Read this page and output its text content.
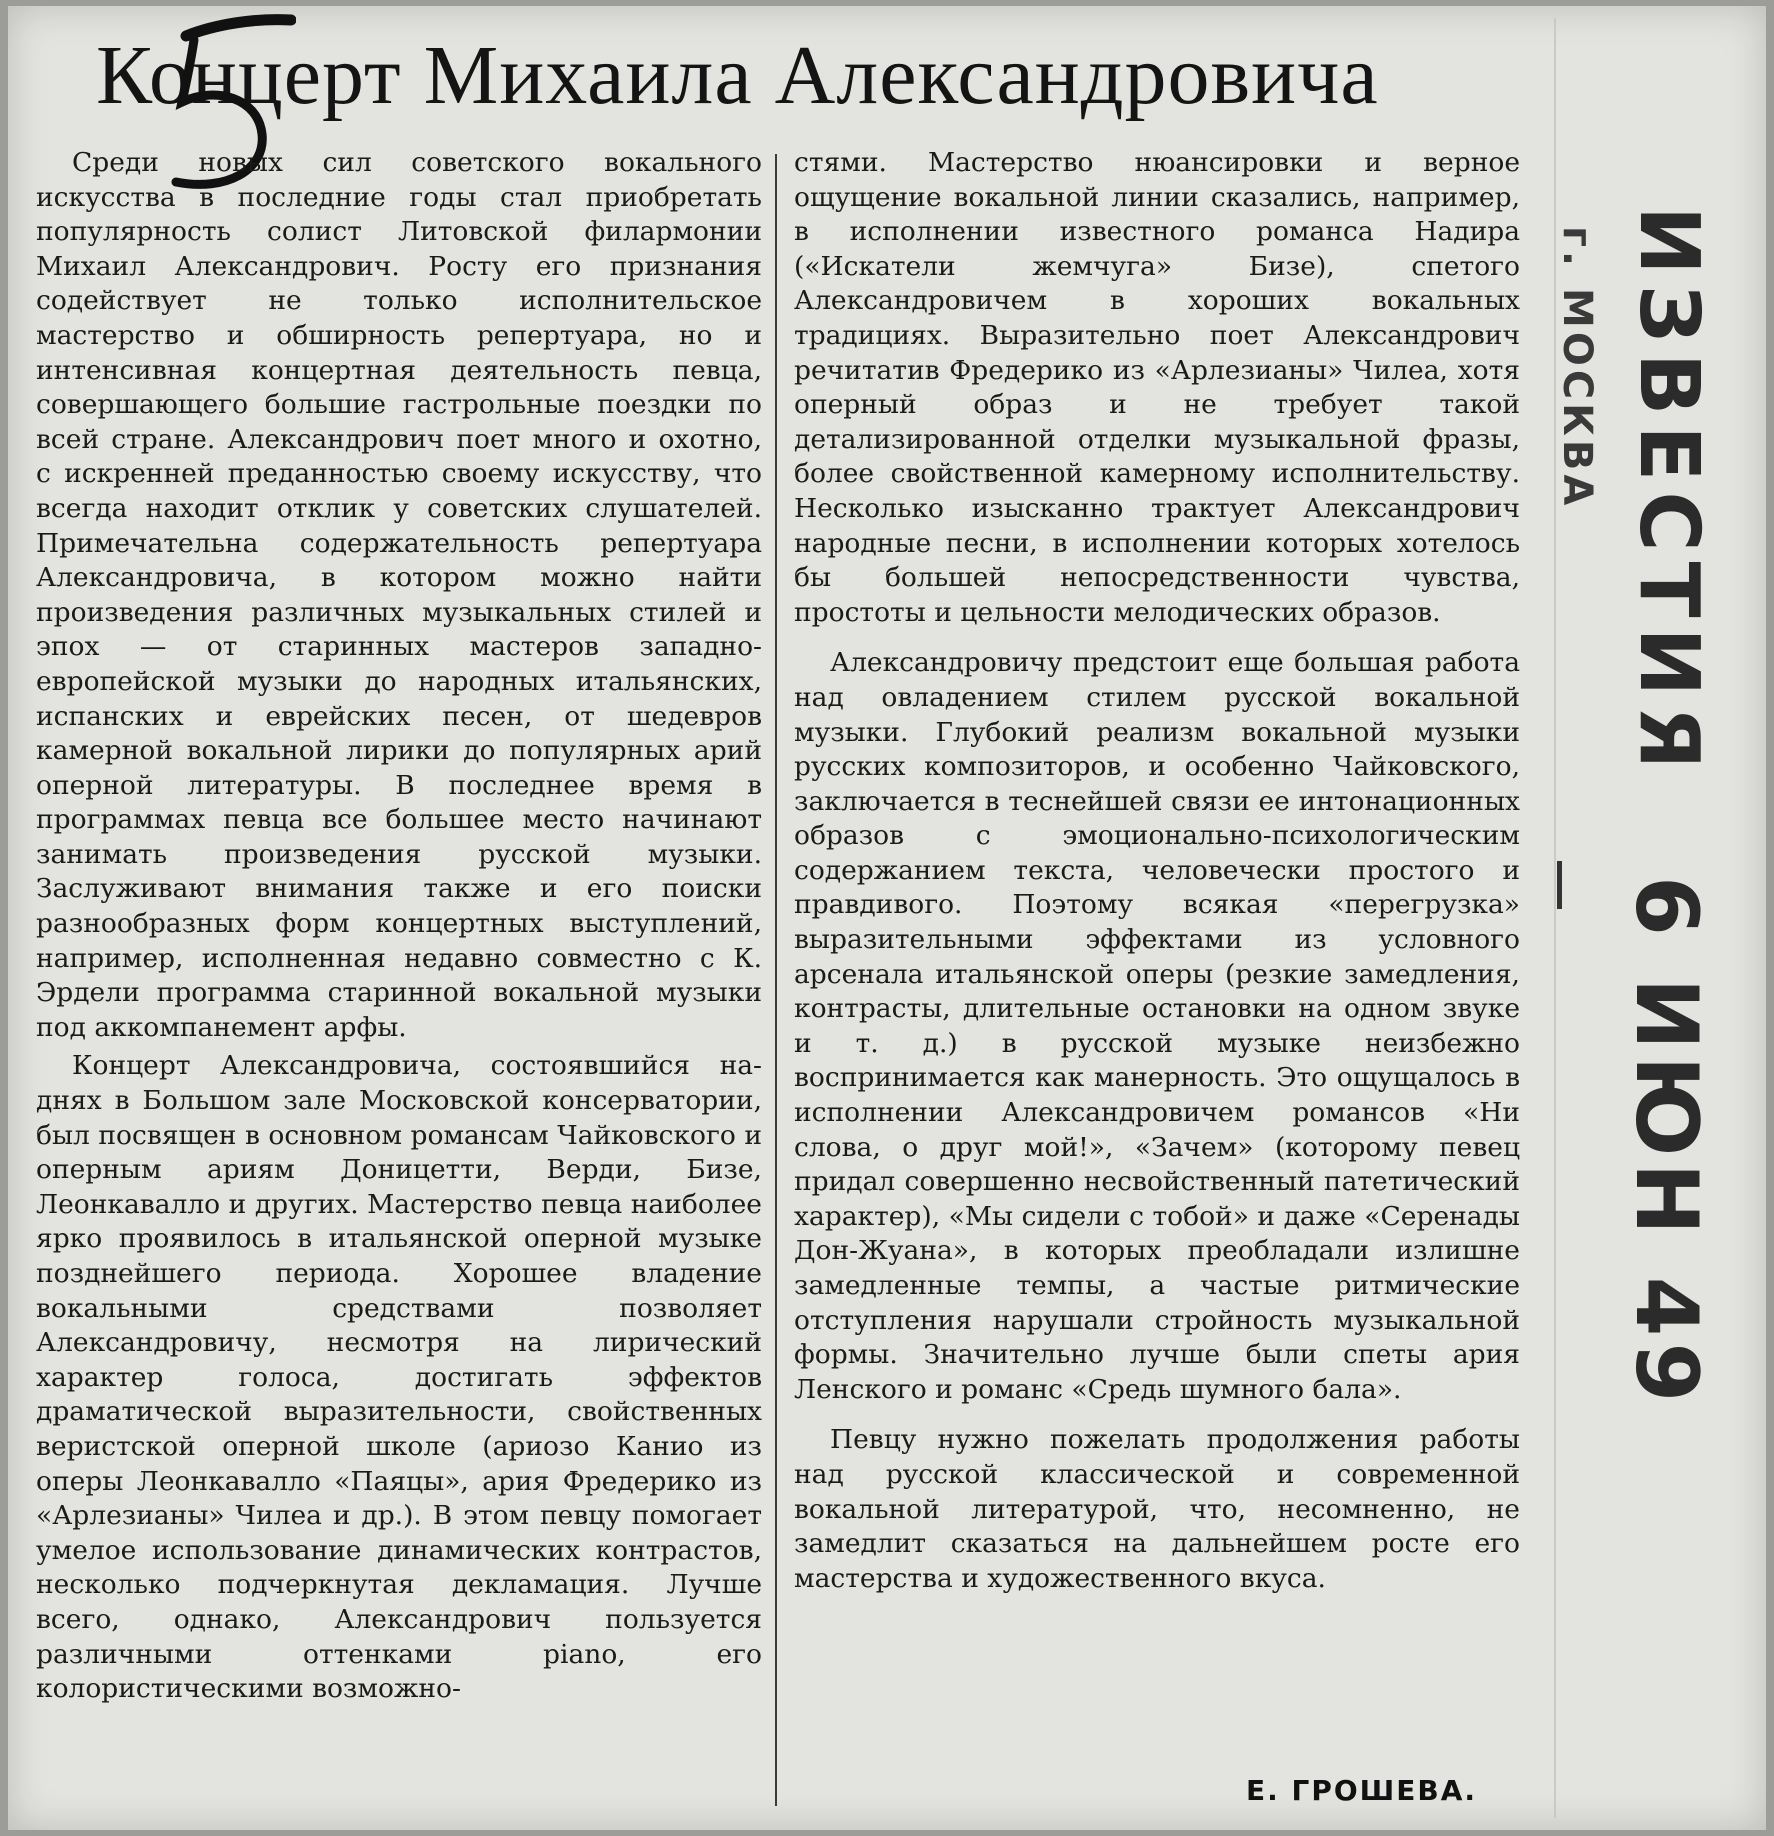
Концерт Михаила Александровича

Среди новых сил советского вокального искусства в последние годы стал приобретать популярность солист Литовской филармонии Михаил Александрович. Росту его признания содействует не только исполнительское мастерство и обширность репертуара, но и интенсивная концертная деятельность певца, совершающего большие гастрольные поездки по всей стране. Александрович поет много и охотно, с искренней преданностью своему искусству, что всегда находит отклик у советских слушателей. Примечательна содержательность репертуара Александровича, в котором можно найти произведения различных музыкальных стилей и эпох — от старинных мастеров западно-европейской музыки до народных итальянских, испанских и еврейских песен, от шедевров камерной вокальной лирики до популярных арий оперной литературы. В последнее время в программах певца все большее место начинают занимать произведения русской музыки. Заслуживают внимания также и его поиски разнообразных форм концертных выступлений, например, исполненная недавно совместно с К. Эрдели программа старинной вокальной музыки под аккомпанемент арфы.

Концерт Александровича, состоявшийся на-днях в Большом зале Московской консерватории, был посвящен в основном романсам Чайковского и оперным ариям Доницетти, Верди, Бизе, Леонкавалло и других. Мастерство певца наиболее ярко проявилось в итальянской оперной музыке позднейшего периода. Хорошее владение вокальными средствами позволяет Александровичу, несмотря на лирический характер голоса, достигать эффектов драматической выразительности, свойственных веристской оперной школе (ариозо Канио из оперы Леонкавалло «Паяцы», ария Фредерико из «Арлезианы» Чилеа и др.). В этом певцу помогает умелое использование динамических контрастов, несколько подчеркнутая декламация. Лучше всего, однако, Александрович пользуется различными оттенками piano, его колористическими возможно-

стями. Мастерство нюансировки и верное ощущение вокальной линии сказались, например, в исполнении известного романса Надира («Искатели жемчуга» Бизе), спетого Александровичем в хороших вокальных традициях. Выразительно поет Александрович речитатив Фредерико из «Арлезианы» Чилеа, хотя оперный образ и не требует такой детализированной отделки музыкальной фразы, более свойственной камерному исполнительству. Несколько изысканно трактует Александрович народные песни, в исполнении которых хотелось бы большей непосредственности чувства, простоты и цельности мелодических образов.

Александровичу предстоит еще большая работа над овладением стилем русской вокальной музыки. Глубокий реализм вокальной музыки русских композиторов, и особенно Чайковского, заключается в теснейшей связи ее интонационных образов с эмоционально-психологическим содержанием текста, человечески простого и правдивого. Поэтому всякая «перегрузка» выразительными эффектами из условного арсенала итальянской оперы (резкие замедления, контрасты, длительные остановки на одном звуке и т. д.) в русской музыке неизбежно воспринимается как манерность. Это ощущалось в исполнении Александровичем романсов «Ни слова, о друг мой!», «Зачем» (которому певец придал совершенно несвойственный патетический характер), «Мы сидели с тобой» и даже «Серенады Дон-Жуана», в которых преобладали излишне замедленные темпы, а частые ритмические отступления нарушали стройность музыкальной формы. Значительно лучше были спеты ария Ленского и романс «Средь шумного бала».

Певцу нужно пожелать продолжения работы над русской классической и современной вокальной литературой, что, несомненно, не замедлит сказаться на дальнейшем росте его мастерства и художественного вкуса.

Е. ГРОШЕВА.
ИЗВЕСТИЯ
г. МОСКВА
6 ИЮН 49
